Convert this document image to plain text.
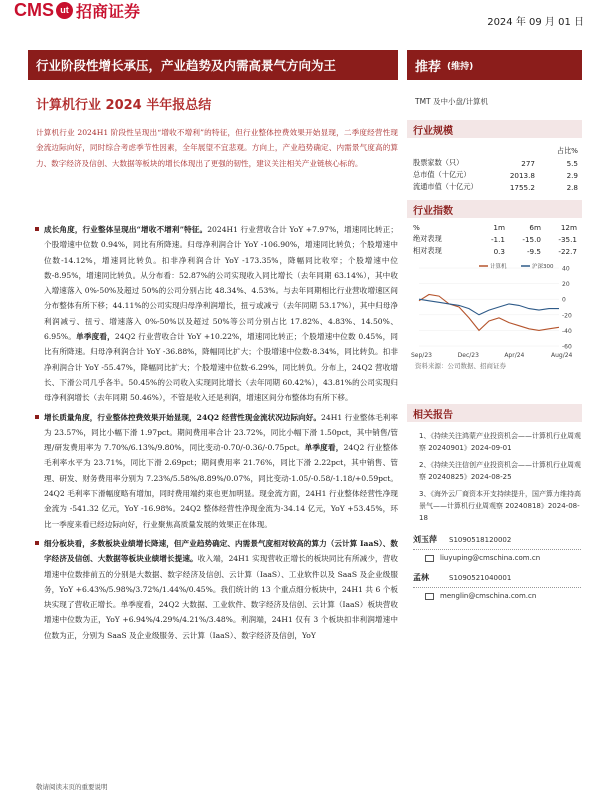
CMS ut 招商证券
2024 年 09 月 01 日
行业阶段性增长承压，产业趋势及内需高景气方向为王	推荐 (维持)
计算机行业 2024 半年报总结	TMT 及中小盘/计算机
计算机行业 2024H1 阶段性呈现出“增收不增利”的特征，但行业整体控费效果开始显现，二季度经营性现金流边际向好，同时综合考虑季节性因素，全年展望不宜悲观。方向上，产业趋势确定、内需景气度高的算力、数字经济及信创、大数据等板块的增长体现出了更强的韧性，建议关注相关产业链核心标的。
成长角度，行业整体呈现出“增收不增利”特征。2024H1 行业营收合计 YoY +7.97%，增速同比转正；个股增速中位数 0.94%，同比有所降速。归母净利润合计 YoY -106.90%，增速同比转负；个股增速中位数-14.12%，增速同比转负。扣非净利润合计 YoY -173.35%，降幅同比收窄；个股增速中位数-8.95%，增速同比转负。从分布看：52.87%的公司实现收入同比增长（去年同期 63.14%），其中收入增速落入 0%-50%及超过 50%的公司分别占比 48.34%、4.53%。与去年同期相比行业营收增速区间分布整体有所下移；44.11%的公司实现归母净利润增长，扭亏或减亏（去年同期 53.17%），其中归母净利润减亏、扭亏、增速落入 0%-50%以及超过 50%等公司分别占比 17.82%、4.83%、14.50%、6.95%。单季度看，24Q2 行业营收合计 YoY +10.22%，增速同比转正；个股增速中位数 0.45%，同比有所降速。归母净利润合计 YoY -36.88%，降幅同比扩大；个股增速中位数-8.34%，同比转负。扣非净利润合计 YoY -55.47%，降幅同比扩大；个股增速中位数-6.29%，同比转负。分布上，24Q2 营收增长、下滑公司几乎各半。50.45%的公司收入实现同比增长（去年同期 60.42%），43.81%的公司实现归母净利润增长（去年同期 50.46%），不管是收入还是利润，增速区间分布整体均有所下移。
增长质量角度，行业整体控费效果开始显现，24Q2 经营性现金流状况边际向好。24H1 行业整体毛利率为 23.57%，同比小幅下滑 1.97pct。期间费用率合计 23.72%，同比小幅下滑 1.50pct，其中销售/管理/研发费用率为 7.70%/6.13%/9.80%，同比变动-0.70/-0.36/-0.75pct。单季度看，24Q2 行业整体毛利率水平为 23.71%，同比下滑 2.69pct；期间费用率 21.76%，同比下滑 2.22pct，其中销售、管理、研发、财务费用率分别为 7.23%/5.58%/8.89%/0.07%，同比变动-1.05/-0.58/-1.18/+0.59pct。24Q2 毛利率下滑幅度略有增加，同时费用端约束也更加明显。现金流方面，24H1 行业整体经营性净现金流为 -541.32 亿元，YoY -16.98%。24Q2 整体经营性净现金流为-34.14 亿元，YoY +53.45%，环比一季度来看已经边际向好，行业聚焦高质量发展的效果正在体现。
细分板块看，多数板块业绩增长降速，但产业趋势确定、内需景气度相对较高的算力（云计算 IaaS）、数字经济及信创、大数据等板块业绩增长提速。收入端，24H1 实现营收正增长的板块同比有所减少，营收增速中位数排前五的分别是大数据、数字经济及信创、云计算（IaaS）、工业软件以及 SaaS 及企业级服务，YoY +6.43%/5.98%/3.72%/1.44%/0.45%。我们统计的 13 个重点细分板块中，24H1 共 6 个板块实现了营收正增长。单季度看，24Q2 大数据、工业软件、数字经济及信创、云计算（IaaS）板块营收增速中位数为正，YoY +6.94%/4.29%/4.21%/3.48%。利润端，24H1 仅有 3 个板块扣非利润增速中位数为正，分别为 SaaS 及企业级服务、云计算（IaaS）、数字经济及信创，YoY
行业规模
占比%
股票家数（只）	277	5.5
总市值（十亿元）	2013.8	2.9
流通市值（十亿元）	1755.2	2.8
行业指数
%	1m	6m	12m
绝对表现	-1.1	-15.0	-35.1
相对表现	0.3	-9.5	-22.7
40
20
0
-20
-40
-60
Sep/23	Dec/23	Apr/24	Aug/24
计算机	沪深300
资料来源：公司数据、招商证券
相关报告
1、《持续关注鸿蒙产业投资机会——计算机行业周观察 20240901》2024-09-01
2、《持续关注信创产业投资机会——计算机行业周观察 20240825》2024-08-25
3、《海外云厂商资本开支持续提升，国产算力维持高景气——计算机行业周观察 20240818》2024-08-18
刘玉萍	S1090518120002
liuyuping@cmschina.com.cn
孟林	S1090521040001
menglin@cmschina.com.cn
敬请阅读末页的重要说明
